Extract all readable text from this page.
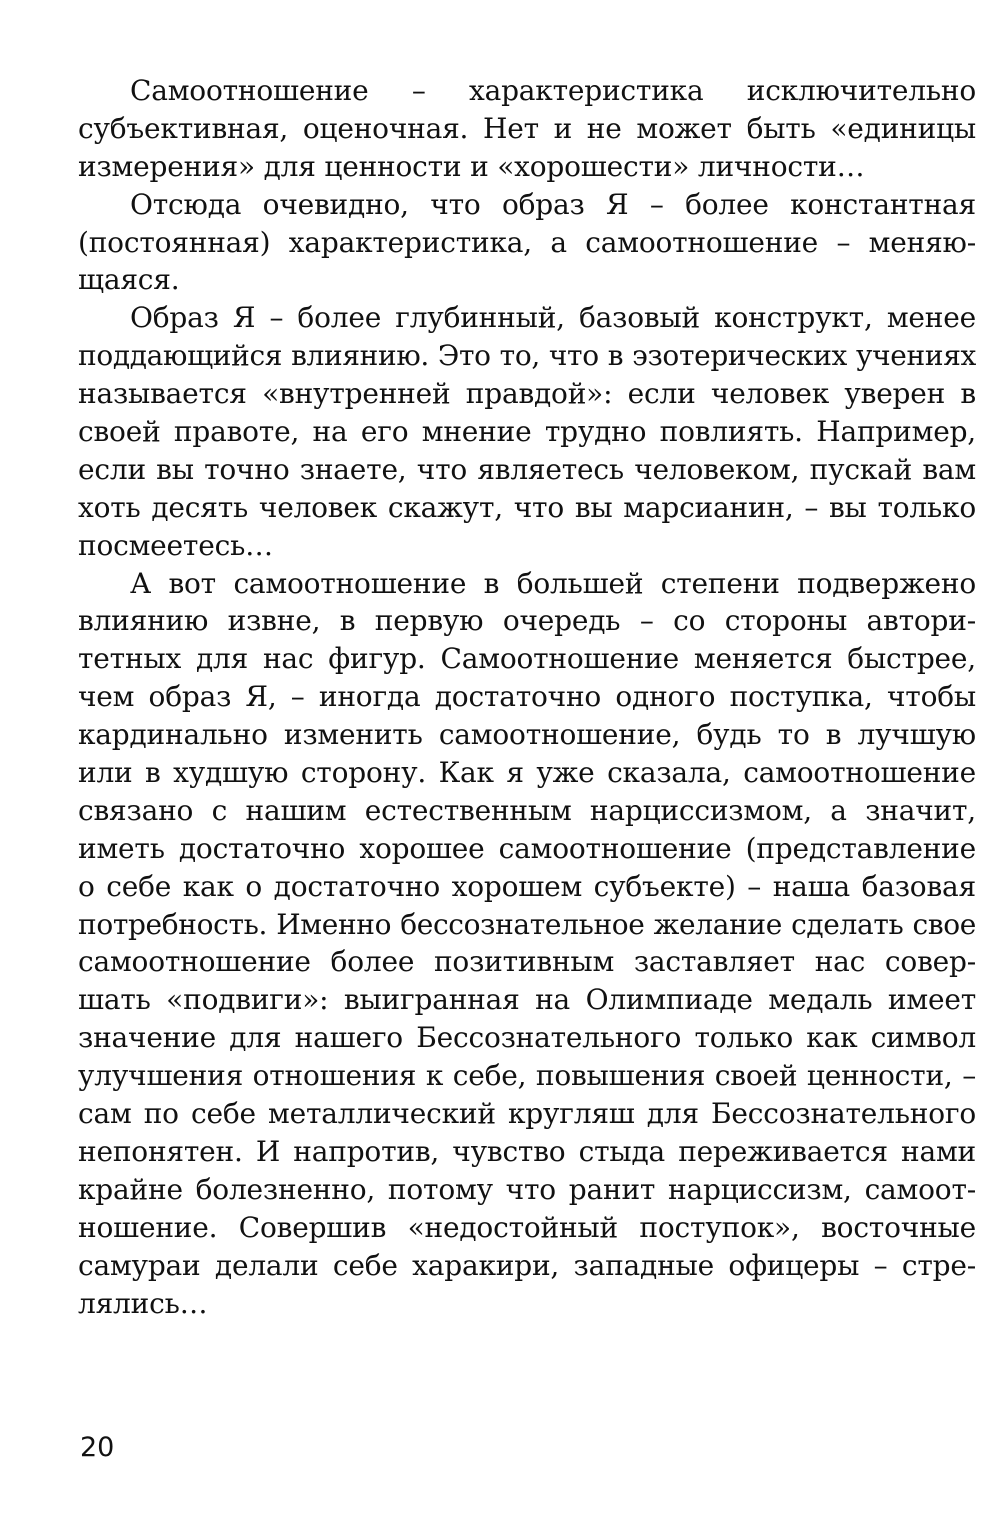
Самоотношение – характеристика исключительно
субъективная, оценочная. Нет и не может быть «единицы
измерения» для ценности и «хорошести» личности…
Отсюда очевидно, что образ Я – более константная
(постоянная) характеристика, а самоотношение – меняю-
щаяся.
Образ Я – более глубинный, базовый конструкт, менее
поддающийся влиянию. Это то, что в эзотерических учениях
называется «внутренней правдой»: если человек уверен в
своей правоте, на его мнение трудно повлиять. Например,
если вы точно знаете, что являетесь человеком, пускай вам
хоть десять человек скажут, что вы марсианин, – вы только
посмеетесь…
А вот самоотношение в большей степени подвержено
влиянию извне, в первую очередь – со стороны автори-
тетных для нас фигур. Самоотношение меняется быстрее,
чем образ Я, – иногда достаточно одного поступка, чтобы
кардинально изменить самоотношение, будь то в лучшую
или в худшую сторону. Как я уже сказала, самоотношение
связано с нашим естественным нарциссизмом, а значит,
иметь достаточно хорошее самоотношение (представление
о себе как о достаточно хорошем субъекте) – наша базовая
потребность. Именно бессознательное желание сделать свое
самоотношение более позитивным заставляет нас совер-
шать «подвиги»: выигранная на Олимпиаде медаль имеет
значение для нашего Бессознательного только как символ
улучшения отношения к себе, повышения своей ценности, –
сам по себе металлический кругляш для Бессознательного
непонятен. И напротив, чувство стыда переживается нами
крайне болезненно, потому что ранит нарциссизм, самоот-
ношение. Совершив «недостойный поступок», восточные
самураи делали себе харакири, западные офицеры – стре-
лялись…
20
